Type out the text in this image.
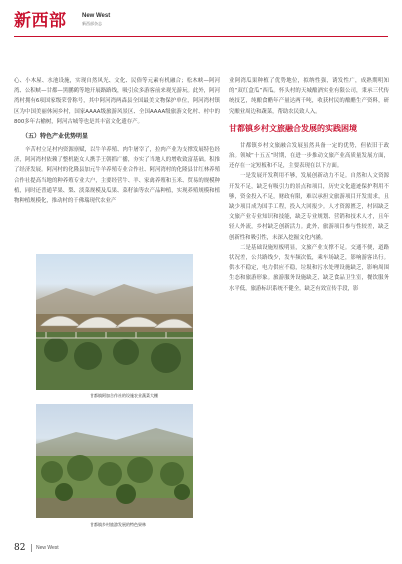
新西部	New West
新西部杂志

心、小木屋、水池设施，实现自然风光、文化、民俗等元素有机融合；松木峡—阿河湾、公积峡—甘都—黑鹏鹤等地开展路路线，吸引众多游客前来观光游玩。此外，阿河湾村拥有6项国家级荣誉称号，其中阿河湾两森县全国最美文物保护单位，阿河湾村镇区为中国美丽休闲乡村，国家AAAA级旅游风景区、全国AAAA级旅游文化村、村中的800多年古榆树，阿河古城等也是其丰富文化遗存产。

（五）特色产业优势明显

辛苦村立足村内资源禀赋，以牛羊养殖、肉牛屠宰了，拉肉产业为支撑发展特色经济，阿河湾村依赖了整机能女人携手王朝抓广播，夯实了当地人的增收致富基础。积推了经济发展。阿河村的化隆县加元牛羊养殖专业合作社、阿河湾村的化隆县甘红林养殖合作社提高当地的种养殖专业大户，主要经营牛、羊、家禽养殖和玉米、贸易的规模种植，同时还普通苹果、梨、淡菜规模及瓜果、菜籽油等农产品种植，实现养殖规模和植物种植规模化，推动村的千佛瑞现代农业产

甘都镇阿加合作社的设施农业蔬菜大棚
甘都镇乡村旅游发展的特色果林

业阿湾瓜果种植了优势地位，拟纳性强，诱发性广，成熟期明知的“双红盒瓜”西瓜。怀头村的天城酿酒实业有限公司，秉承三代传统技艺，纯酿食醋年产量达两千吨，收获村民的酿醋生产资料，研究酿业周边和蔬菜，帮助农民致人入。

甘都镇乡村文旅融合发展的实践困境

甘都镇乡村文旅融合发展虽然具备一定的优势，但依旧于政治。领城“十五五”时期，在进一步推动文旅产业高质量发展方面，还存在一定短板和不足，主要表现在以下方面。

一是发展开发利用不够，发展创新动力不足。自然和人文资源开发不足，缺乏有吸引力的景点和项目，历史文化遗迹保护利用不够，资金投入不足，财政有限，难以承担文旅游项目开发需求，且缺少项目成为国手工程，投入大回报少。人才资源匮乏，村因缺乏文旅产业专业知识和技能，缺乏专业规划、营销和技术人才，且年轻人外流，乡村缺乏创新活力。此外，旅游项目参与性较差，缺乏创新性和吸引性，未深入挖掘文化内涵。

二是基础设施短板明显，文旅产业支撑不足。交通不便，道路状况差，公共路线少，发车频次低，乘车场缺乏，影响游客出行。供水不稳定，电力供应不稳，垃圾和污水处理设施缺乏，影响周围生态和旅游形象。旅游服务设施缺乏，缺乏食品卫生室，餐饮服务水平低，旅游标识系统不健全，缺乏有效宣传手段，影

82 New West
